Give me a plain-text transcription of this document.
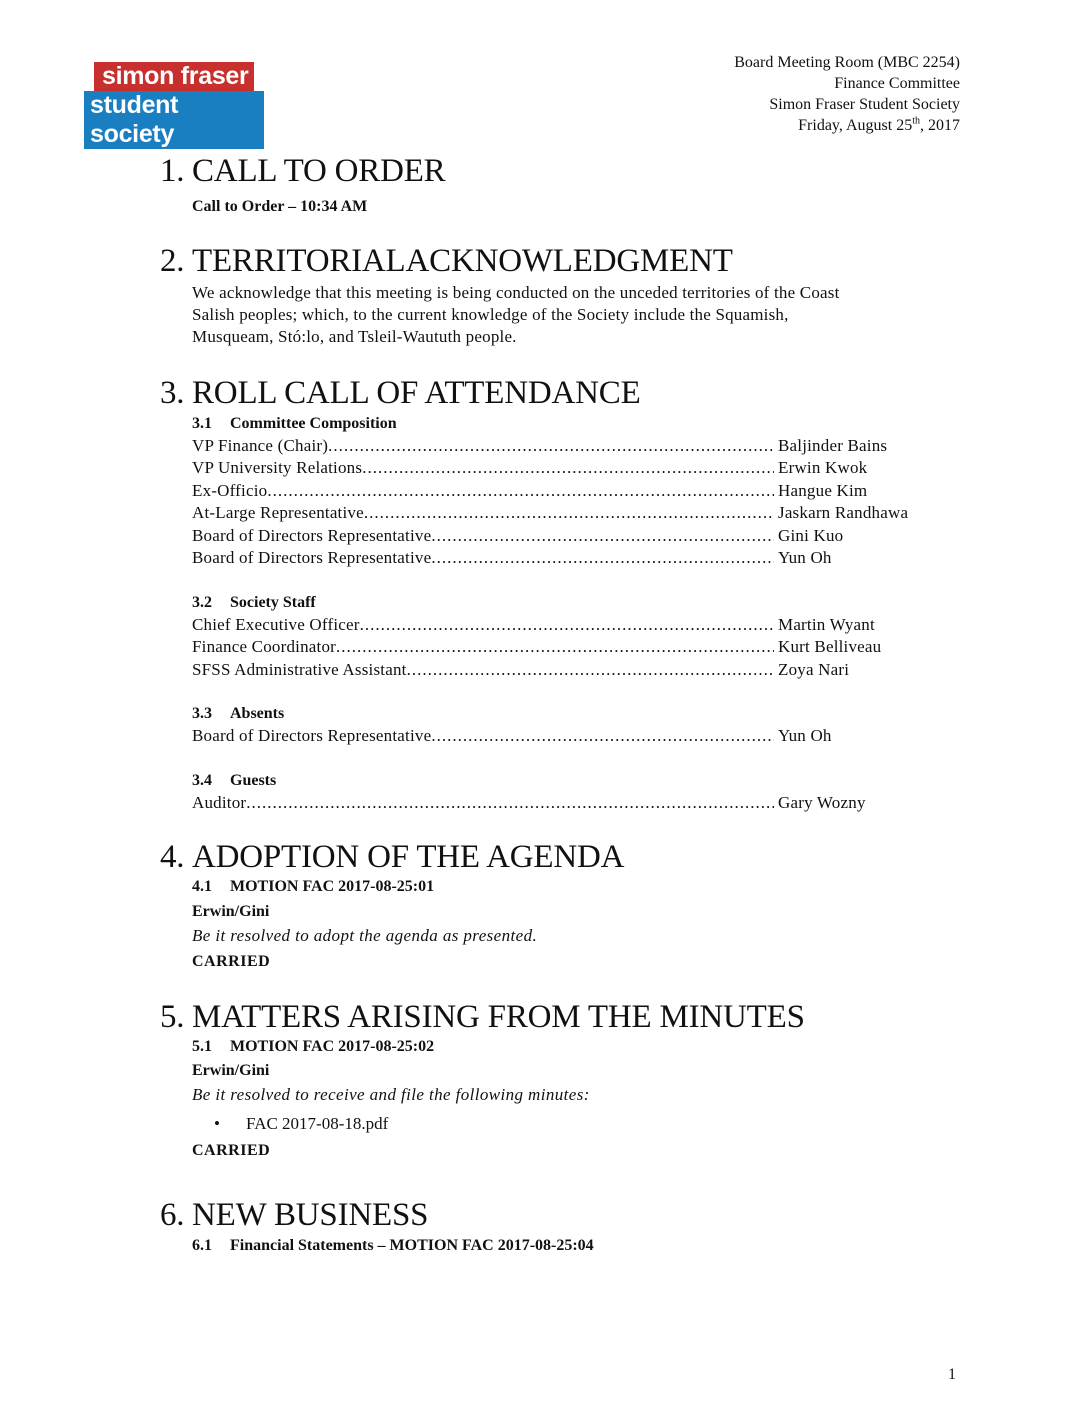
simon fraser
student society
Board Meeting Room (MBC 2254)
Finance Committee
Simon Fraser Student Society
Friday, August 25th, 2017
1. CALL TO ORDER
Call to Order – 10:34 AM
2. TERRITORIALACKNOWLEDGMENT
We acknowledge that this meeting is being conducted on the unceded territories of the Coast
Salish peoples; which, to the current knowledge of the Society include the Squamish,
Musqueam, Stó:lo, and Tsleil-Waututh people.
3. ROLL CALL OF ATTENDANCE
3.1 Committee Composition
VP Finance (Chair) .....	Baljinder Bains
VP University Relations .....	Erwin Kwok
Ex-Officio .....	Hangue Kim
At-Large Representative .....	Jaskarn Randhawa
Board of Directors Representative .....	Gini Kuo
Board of Directors Representative .....	Yun Oh
3.2 Society Staff
Chief Executive Officer .....	Martin Wyant
Finance Coordinator .....	Kurt Belliveau
SFSS Administrative Assistant .....	Zoya Nari
3.3 Absents
Board of Directors Representative .....	Yun Oh
3.4 Guests
Auditor .....	Gary Wozny
4. ADOPTION OF THE AGENDA
4.1 MOTION FAC 2017-08-25:01
Erwin/Gini
Be it resolved to adopt the agenda as presented.
CARRIED
5. MATTERS ARISING FROM THE MINUTES
5.1 MOTION FAC 2017-08-25:02
Erwin/Gini
Be it resolved to receive and file the following minutes:
• FAC 2017-08-18.pdf
CARRIED
6. NEW BUSINESS
6.1 Financial Statements – MOTION FAC 2017-08-25:04
1
